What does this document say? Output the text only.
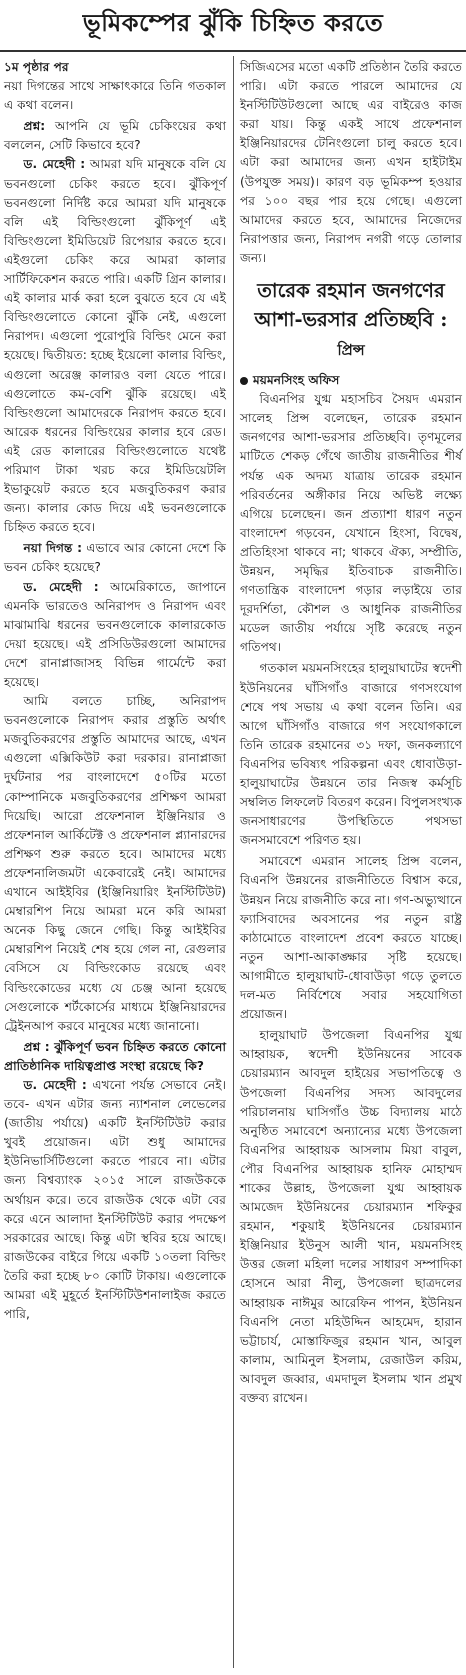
ভূমিকম্পের ঝুঁকি চিহ্নিত করতে

১ম পৃষ্ঠার পর

নয়া দিগন্তের সাথে সাক্ষাৎকারে তিনি গতকাল এ কথা বলেন।

প্রশ্ন: আপনি যে ভূমি চেকিংয়ের কথা বললেন, সেটি কিভাবে হবে?

ড. মেহেদী : আমরা যদি মানুষকে বলি যে ভবনগুলো চেকিং করতে হবে। ঝুঁকিপূর্ণ ভবনগুলো নির্দিষ্ট করে আমরা যদি মানুষকে বলি এই বিল্ডিংগুলো ঝুঁকিপূর্ণ এই বিল্ডিংগুলো ইমিডিয়েট রিপেয়ার করতে হবে। এইগুলো চেকিং করে আমরা কালার সার্টিফিকেশন করতে পারি। একটি গ্রিন কালার। এই কালার মার্ক করা হলে বুঝতে হবে যে এই বিল্ডিংগুলোতে কোনো ঝুঁকি নেই, এগুলো নিরাপদ। এগুলো পুরোপুরি বিল্ডিং মেনে করা হয়েছে। দ্বিতীয়ত: হচ্ছে ইয়েলো কালার বিল্ডিং, এগুলো অরেঞ্জ কালারও বলা যেতে পারে। এগুলোতে কম-বেশি ঝুঁকি রয়েছে। এই বিল্ডিংগুলো আমাদেরকে নিরাপদ করতে হবে। আরেক ধরনের বিল্ডিংয়ের কালার হবে রেড। এই রেড কালারের বিল্ডিংগুলোতে যথেষ্ট পরিমাণ টাকা খরচ করে ইমিডিয়েটলি ইভাকুয়েট করতে হবে মজবুতিকরণ করার জন্য। কালার কোড দিয়ে এই ভবনগুলোকে চিহ্নিত করতে হবে।

নয়া দিগন্ত : এভাবে আর কোনো দেশে কি ভবন চেকিং হয়েছে?

ড. মেহেদী : আমেরিকাতে, জাপানে এমনকি ভারতেও অনিরাপদ ও নিরাপদ এবং মাঝামাঝি ধরনের ভবনগুলোকে কালারকোড দেয়া হয়েছে। এই প্রসিডিউরগুলো আমাদের দেশে রানাপ্লাজাসহ বিভিন্ন গার্মেন্টে করা হয়েছে।

আমি বলতে চাচ্ছি, অনিরাপদ ভবনগুলোকে নিরাপদ করার প্রস্তুতি অর্থাৎ মজবুতিকরণের প্রস্তুতি আমাদের আছে, এখন এগুলো এক্সিকিউট করা দরকার। রানাপ্লাজা দুর্ঘটনার পর বাংলাদেশে ৫০টির মতো কোম্পানিকে মজবুতিকরণের প্রশিক্ষণ আমরা দিয়েছি। আরো প্রফেশনাল ইঞ্জিনিয়ার ও প্রফেশনাল আর্কিটেক্ট ও প্রফেশনাল প্ল্যানারদের প্রশিক্ষণ শুরু করতে হবে। আমাদের মধ্যে প্রফেশনালিজমটা একেবারেই নেই। আমাদের এখানে আইইবির (ইঞ্জিনিয়ারিং ইনস্টিটিউট) মেম্বারশিপ নিয়ে আমরা মনে করি আমরা অনেক কিছু জেনে গেছি। কিন্তু আইইবির মেম্বারশিপ নিয়েই শেষ হয়ে গেল না, রেগুলার বেসিসে যে বিল্ডিংকোড রয়েছে এবং বিল্ডিংকোডের মধ্যে যে চেঞ্জ আনা হয়েছে সেগুলোকে শর্টকোর্সের মাধ্যমে ইঞ্জিনিয়ারদের ট্রেইনআপ করবে মানুষের মধ্যে জানানো।

প্রশ্ন : ঝুঁকিপূর্ণ ভবন চিহ্নিত করতে কোনো প্রাতিষ্ঠানিক দায়িত্বপ্রাপ্ত সংস্থা রয়েছে কি?

ড. মেহেদী : এখনো পর্যন্ত সেভাবে নেই। তবে- এখন এটার জন্য ন্যাশনাল লেভেলের (জাতীয় পর্যায়ে) একটি ইনস্টিটিউট করার খুবই প্রয়োজন। এটা শুধু আমাদের ইউনিভার্সিটিগুলো করতে পারবে না। এটার জন্য বিশ্বব্যাংক ২০১৫ সালে রাজউককে অর্থায়ন করে। তবে রাজউক থেকে এটা বের করে এনে আলাদা ইনস্টিটিউট করার পদক্ষেপ সরকারের আছে। কিন্তু এটা স্থবির হয়ে আছে। রাজউকের বাইরে গিয়ে একটি ১০তলা বিল্ডিং তৈরি করা হচ্ছে ৮০ কোটি টাকায়। এগুলোকে আমরা এই মুহূর্তে ইনস্টিটিউশনালাইজ করতে পারি,

সিজিএসের মতো একটি প্রতিষ্ঠান তৈরি করতে পারি। এটা করতে পারলে আমাদের যে ইনস্টিটিউটগুলো আছে এর বাইরেও কাজ করা যায়। কিন্তু একই সাথে প্রফেশনাল ইঞ্জিনিয়ারদের টেনিংগুলো চালু করতে হবে। এটা করা আমাদের জন্য এখন হাইটাইম (উপযুক্ত সময়)। কারণ বড় ভূমিকম্প হওয়ার পর ১০০ বছর পার হয়ে গেছে। এগুলো আমাদের করতে হবে, আমাদের নিজেদের নিরাপত্তার জন্য, নিরাপদ নগরী গড়ে তোলার জন্য।

তারেক রহমান জনগণের আশা-ভরসার প্রতিচ্ছবি : প্রিন্স

ময়মনসিংহ অফিস

বিএনপির যুগ্ম মহাসচিব সৈয়দ এমরান সালেহ প্রিন্স বলেছেন, তারেক রহমান জনগণের আশা-ভরসার প্রতিচ্ছবি। তৃণমূলের মাটিতে শেকড় গেঁথে জাতীয় রাজনীতির শীর্ষ পর্যন্ত এক অদম্য যাত্রায় তারেক রহমান পরিবর্তনের অঙ্গীকার নিয়ে অভিষ্ট লক্ষ্যে এগিয়ে চলেছেন। জন প্রত্যাশা ধারণ নতুন বাংলাদেশ গড়বেন, যেখানে হিংসা, বিদ্বেষ, প্রতিহিংসা থাকবে না; থাকবে ঐক্য, সম্প্রীতি, উন্নয়ন, সমৃদ্ধির ইতিবাচক রাজনীতি। গণতান্ত্রিক বাংলাদেশ গড়ার লড়াইয়ে তার দূরদর্শিতা, কৌশল ও আধুনিক রাজনীতির মডেল জাতীয় পর্যায়ে সৃষ্টি করেছে নতুন গতিপথ।

গতকাল ময়মনসিংহের হালুয়াঘাটের স্বদেশী ইউনিয়নের ঘাঁসিগাঁও বাজারে গণসংযোগ শেষে পথ সভায় এ কথা বলেন তিনি। এর আগে ঘাঁসিগাঁও বাজারে গণ সংযোগকালে তিনি তারেক রহমানের ৩১ দফা, জনকল্যাণে বিএনপির ভবিষ্যৎ পরিকল্পনা এবং ধোবাউড়া-হালুয়াঘাটের উন্নয়নে তার নিজস্ব কর্মসূচি সম্বলিত লিফলেট বিতরণ করেন। বিপুলসংখ্যক জনসাধারণের উপস্থিতিতে পথসভা জনসমাবেশে পরিণত হয়।

সমাবেশে এমরান সালেহ প্রিন্স বলেন, বিএনপি উন্নয়নের রাজনীতিতে বিশ্বাস করে, উন্নয়ন নিয়ে রাজনীতি করে না। গণ-অভ্যুত্থানে ফ্যাসিবাদের অবসানের পর নতুন রাষ্ট্র কাঠামোতে বাংলাদেশ প্রবেশ করতে যাচ্ছে। নতুন আশা-আকাঙ্ক্ষার সৃষ্টি হয়েছে। আগামীতে হালুয়াঘাট-ধোবাউড়া গড়ে তুলতে দল-মত নির্বিশেষে সবার সহযোগিতা প্রয়োজন।

হালুয়াঘাট উপজেলা বিএনপির যুগ্ম আহ্বায়ক, স্বদেশী ইউনিয়নের সাবেক চেয়ারম্যান আবদুল হাইয়ের সভাপতিত্বে ও উপজেলা বিএনপির সদস্য আবদুলের পরিচালনায় ঘাসিগাঁও উচ্চ বিদ্যালয় মাঠে অনুষ্ঠিত সমাবেশে অন্যান্যের মধ্যে উপজেলা বিএনপির আহ্বায়ক আসলাম মিয়া বাবুল, পৌর বিএনপির আহ্বায়ক হানিফ মোহাম্মদ শাকের উল্লাহ, উপজেলা যুগ্ম আহ্বায়ক আমজেদ ইউনিয়নের চেয়ারম্যান শফিকুর রহমান, শকুয়াই ইউনিয়নের চেয়ারম্যান ইঞ্জিনিয়ার ইউনুস আলী খান, ময়মনসিংহ উত্তর জেলা মহিলা দলের সাধারণ সম্পাদিকা হোসনে আরা নীলু, উপজেলা ছাত্রদলের আহ্বায়ক নাঈমুর আরেফিন পাপন, ইউনিয়ন বিএনপি নেতা মহিউদ্দিন আহমেদ, হারান ভট্টাচার্য, মোস্তাফিজুর রহমান খান, আবুল কালাম, আমিনুল ইসলাম, রেজাউল করিম, আবদুল জব্বার, এমদাদুল ইসলাম খান প্রমুখ বক্তব্য রাখেন।
